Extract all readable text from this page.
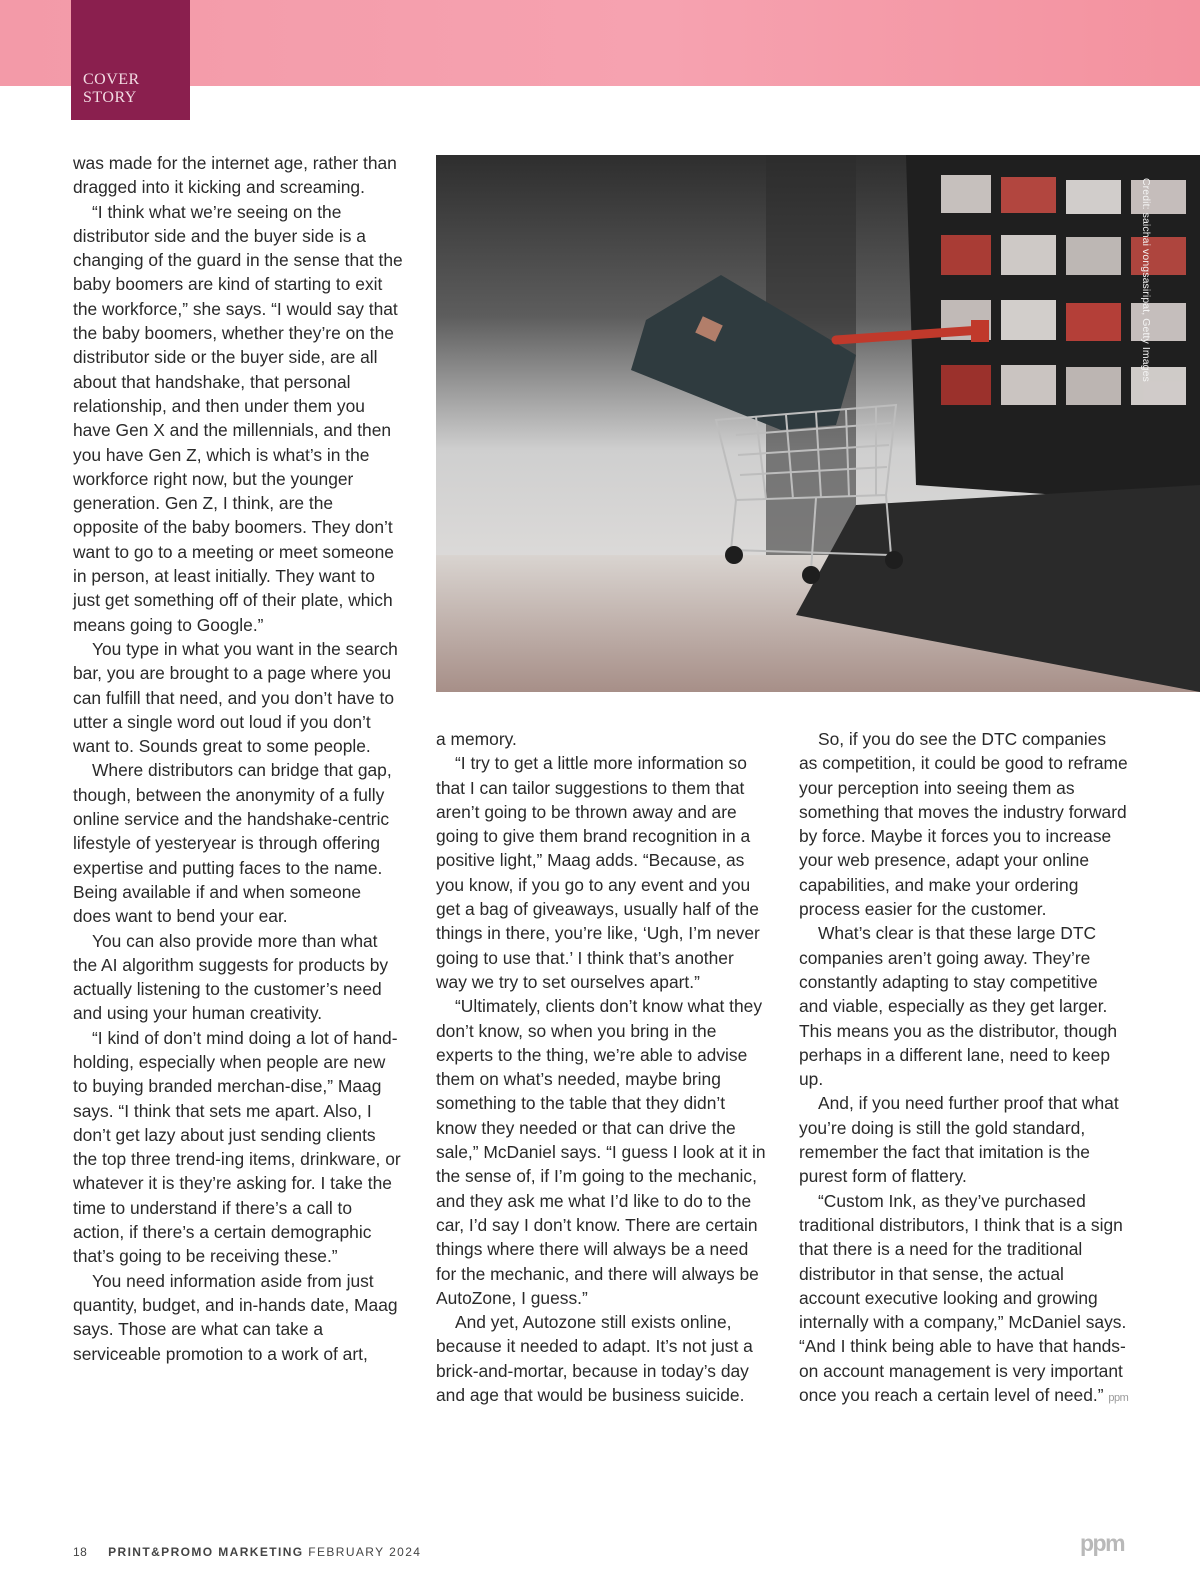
COVER
STORY

was made for the internet age, rather than dragged into it kicking and screaming.

“I think what we’re seeing on the distributor side and the buyer side is a changing of the guard in the sense that the baby boomers are kind of starting to exit the workforce,” she says. “I would say that the baby boomers, whether they’re on the distributor side or the buyer side, are all about that handshake, that personal relationship, and then under them you have Gen X and the millennials, and then you have Gen Z, which is what’s in the workforce right now, but the younger generation. Gen Z, I think, are the opposite of the baby boomers. They don’t want to go to a meeting or meet someone in person, at least initially. They want to just get something off of their plate, which means going to Google.”

You type in what you want in the search bar, you are brought to a page where you can fulfill that need, and you don’t have to utter a single word out loud if you don’t want to. Sounds great to some people.

Where distributors can bridge that gap, though, between the anonymity of a fully online service and the handshake-centric lifestyle of yesteryear is through offering expertise and putting faces to the name. Being available if and when someone does want to bend your ear.

You can also provide more than what the AI algorithm suggests for products by actually listening to the customer’s need and using your human creativity.

“I kind of don’t mind doing a lot of hand-holding, especially when people are new to buying branded merchan-dise,” Maag says. “I think that sets me apart. Also, I don’t get lazy about just sending clients the top three trend-ing items, drinkware, or whatever it is they’re asking for. I take the time to understand if there’s a call to action, if there’s a certain demographic that’s going to be receiving these.”

You need information aside from just quantity, budget, and in-hands date, Maag says. Those are what can take a serviceable promotion to a work of art,

Credit: saichai vongsasiripat, Getty Images

a memory.

“I try to get a little more information so that I can tailor suggestions to them that aren’t going to be thrown away and are going to give them brand recognition in a positive light,” Maag adds. “Because, as you know, if you go to any event and you get a bag of giveaways, usually half of the things in there, you’re like, ‘Ugh, I’m never going to use that.’ I think that’s another way we try to set ourselves apart.”

“Ultimately, clients don’t know what they don’t know, so when you bring in the experts to the thing, we’re able to advise them on what’s needed, maybe bring something to the table that they didn’t know they needed or that can drive the sale,” McDaniel says. “I guess I look at it in the sense of, if I’m going to the mechanic, and they ask me what I’d like to do to the car, I’d say I don’t know. There are certain things where there will always be a need for the mechanic, and there will always be AutoZone, I guess.”

And yet, Autozone still exists online, because it needed to adapt. It’s not just a brick-and-mortar, because in today’s day and age that would be business suicide.

So, if you do see the DTC companies as competition, it could be good to reframe your perception into seeing them as something that moves the industry forward by force. Maybe it forces you to increase your web presence, adapt your online capabilities, and make your ordering process easier for the customer.

What’s clear is that these large DTC companies aren’t going away. They’re constantly adapting to stay competitive and viable, especially as they get larger. This means you as the distributor, though perhaps in a different lane, need to keep up.

And, if you need further proof that what you’re doing is still the gold standard, remember the fact that imitation is the purest form of flattery.

“Custom Ink, as they’ve purchased traditional distributors, I think that is a sign that there is a need for the traditional distributor in that sense, the actual account executive looking and growing internally with a company,” McDaniel says. “And I think being able to have that hands-on account management is very important once you reach a certain level of need.” ppm

18 PRINT&PROMO MARKETING FEBRUARY 2024	ppm
